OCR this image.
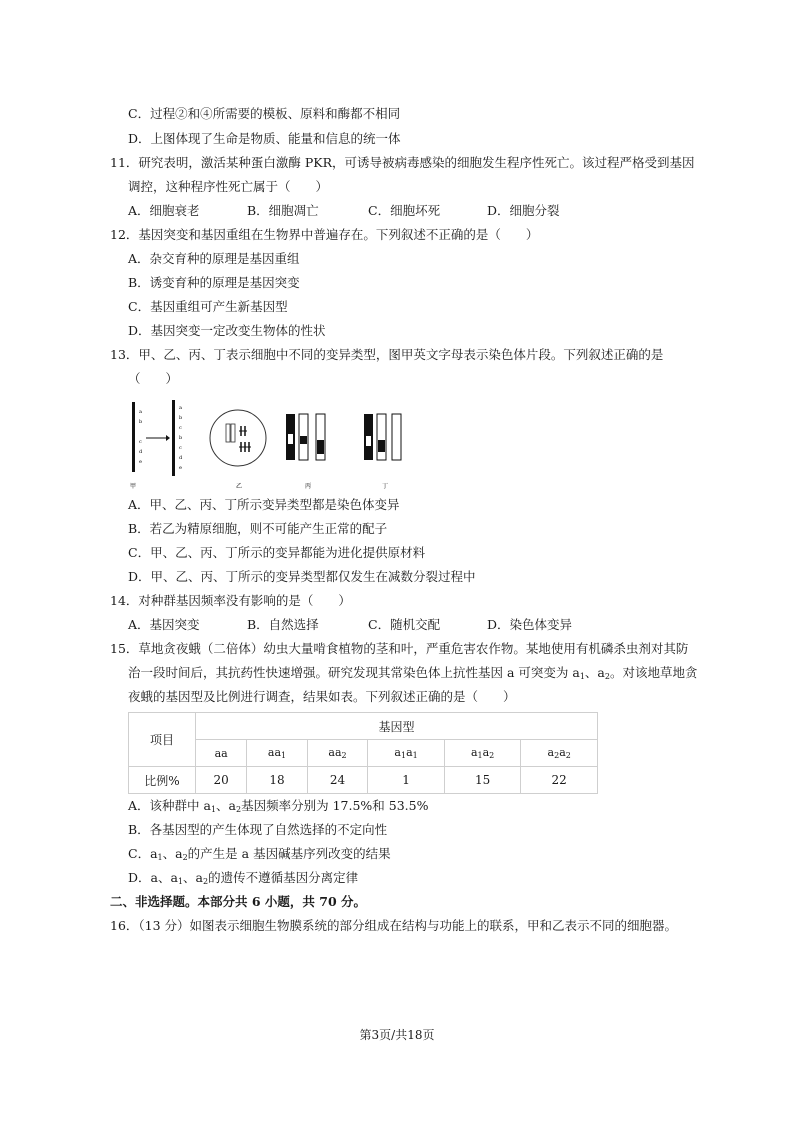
C．过程②和④所需要的模板、原料和酶都不相同
D．上图体现了生命是物质、能量和信息的统一体
11．研究表明，激活某种蛋白激酶 PKR，可诱导被病毒感染的细胞发生程序性死亡。该过程严格受到基因
调控，这种程序性死亡属于（　　）
A．细胞衰老	B．细胞凋亡	C．细胞坏死	D．细胞分裂
12．基因突变和基因重组在生物界中普遍存在。下列叙述不正确的是（　　）
A．杂交育种的原理是基因重组
B．诱变育种的原理是基因突变
C．基因重组可产生新基因型
D．基因突变一定改变生物体的性状
13．甲、乙、丙、丁表示细胞中不同的变异类型，图甲英文字母表示染色体片段。下列叙述正确的是
（　　）
a
b
c
d
e
a
b
c
b
c
d
e
甲	乙	丙	丁
A．甲、乙、丙、丁所示变异类型都是染色体变异
B．若乙为精原细胞，则不可能产生正常的配子
C．甲、乙、丙、丁所示的变异都能为进化提供原材料
D．甲、乙、丙、丁所示的变异类型都仅发生在减数分裂过程中
14．对种群基因频率没有影响的是（　　）
A．基因突变	B．自然选择	C．随机交配	D．染色体变异
15．草地贪夜蛾（二倍体）幼虫大量啃食植物的茎和叶，严重危害农作物。某地使用有机磷杀虫剂对其防
治一段时间后，其抗药性快速增强。研究发现其常染色体上抗性基因 a 可突变为 $a_1$、$a_2$。对该地草地贪
夜蛾的基因型及比例进行调查，结果如表。下列叙述正确的是（　　）
项目	基因型					
	aa	$aa_1$	$aa_2$	$a_1a_1$	$a_1a_2$	$a_2a_2$
比例%	20	18	24	1	15	22
A．该种群中 $a_1$、$a_2$基因频率分别为 17.5%和 53.5%
B．各基因型的产生体现了自然选择的不定向性
C．$a_1$、$a_2$的产生是 a 基因碱基序列改变的结果
D．a、$a_1$、$a_2$的遗传不遵循基因分离定律
二、非选择题。本部分共 6 小题，共 70 分。
16．（13 分）如图表示细胞生物膜系统的部分组成在结构与功能上的联系，甲和乙表示不同的细胞器。
第3页/共18页
